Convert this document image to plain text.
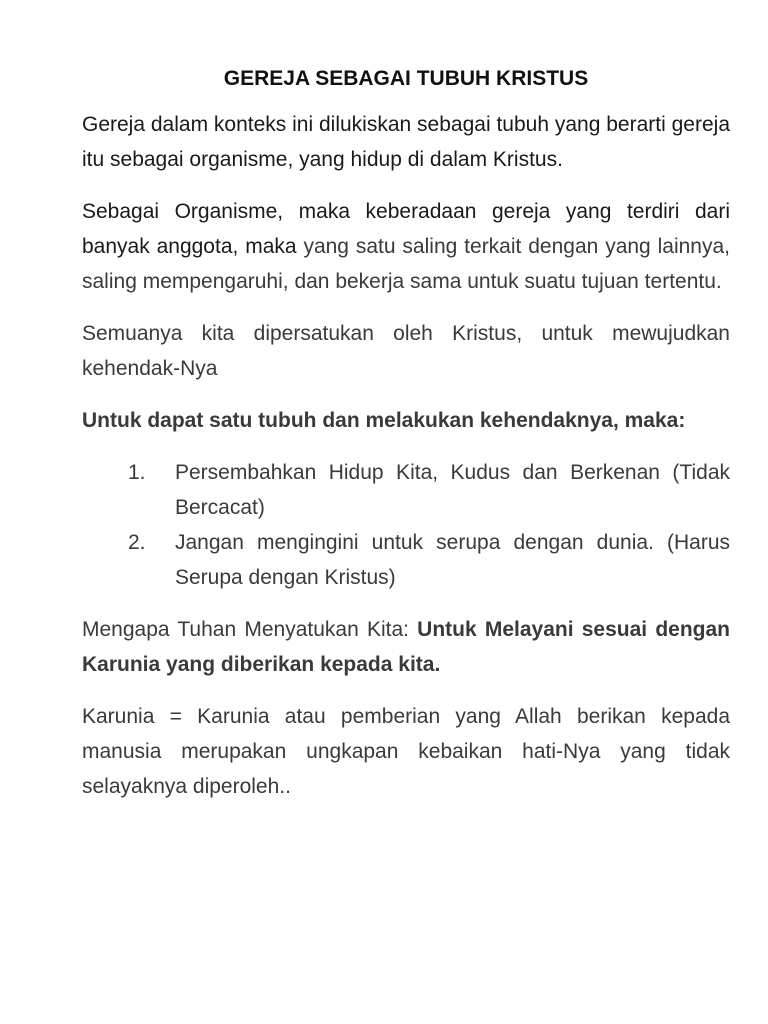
GEREJA SEBAGAI TUBUH KRISTUS

Gereja dalam konteks ini dilukiskan sebagai tubuh yang berarti gereja itu sebagai organisme, yang hidup di dalam Kristus.

Sebagai Organisme, maka keberadaan gereja yang terdiri dari banyak anggota, maka yang satu saling terkait dengan yang lainnya, saling mempengaruhi, dan bekerja sama untuk suatu tujuan tertentu.

Semuanya kita dipersatukan oleh Kristus, untuk mewujudkan kehendak-Nya

Untuk dapat satu tubuh dan melakukan kehendaknya, maka:

1. Persembahkan Hidup Kita, Kudus dan Berkenan (Tidak Bercacat)
2. Jangan mengingini untuk serupa dengan dunia. (Harus Serupa dengan Kristus)

Mengapa Tuhan Menyatukan Kita: Untuk Melayani sesuai dengan Karunia yang diberikan kepada kita.

Karunia = Karunia atau pemberian yang Allah berikan kepada manusia merupakan ungkapan kebaikan hati-Nya yang tidak selayaknya diperoleh..
